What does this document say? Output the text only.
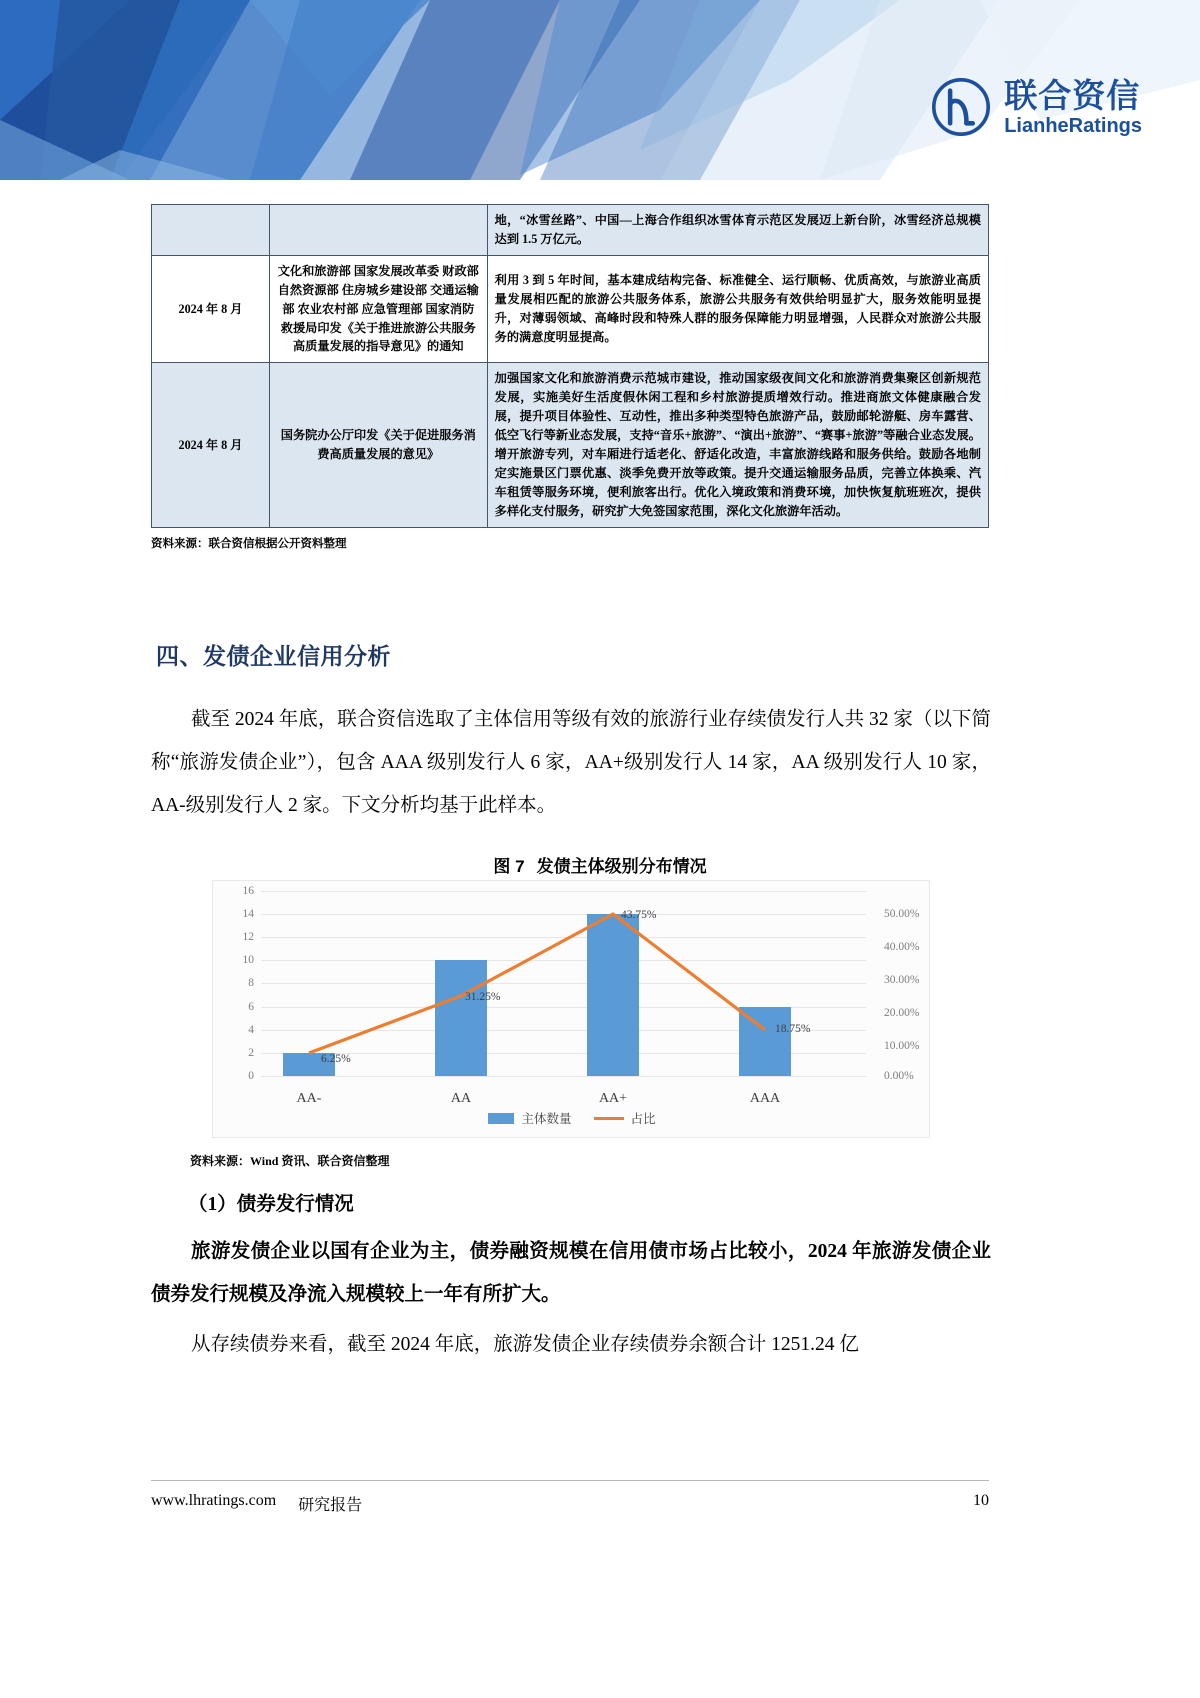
联合资信
LianheRatings
		地，“冰雪丝路”、中国—上海合作组织冰雪体育示范区发展迈上新台阶，冰雪经济总规模达到 1.5 万亿元。
2024 年 8 月	文化和旅游部 国家发展改革委 财政部 自然资源部 住房城乡建设部 交通运输部 农业农村部 应急管理部 国家消防救援局印发《关于推进旅游公共服务高质量发展的指导意见》的通知	利用 3 到 5 年时间，基本建成结构完备、标准健全、运行顺畅、优质高效，与旅游业高质量发展相匹配的旅游公共服务体系，旅游公共服务有效供给明显扩大，服务效能明显提升，对薄弱领域、高峰时段和特殊人群的服务保障能力明显增强，人民群众对旅游公共服务的满意度明显提高。
2024 年 8 月	国务院办公厅印发《关于促进服务消费高质量发展的意见》	加强国家文化和旅游消费示范城市建设，推动国家级夜间文化和旅游消费集聚区创新规范发展，实施美好生活度假休闲工程和乡村旅游提质增效行动。推进商旅文体健康融合发展，提升项目体验性、互动性，推出多种类型特色旅游产品，鼓励邮轮游艇、房车露营、低空飞行等新业态发展，支持“音乐+旅游”、“演出+旅游”、“赛事+旅游”等融合业态发展。增开旅游专列，对车厢进行适老化、舒适化改造，丰富旅游线路和服务供给。鼓励各地制定实施景区门票优惠、淡季免费开放等政策。提升交通运输服务品质，完善立体换乘、汽车租赁等服务环境，便利旅客出行。优化入境政策和消费环境，加快恢复航班班次，提供多样化支付服务，研究扩大免签国家范围，深化文化旅游年活动。
资料来源：联合资信根据公开资料整理
四、发债企业信用分析
截至 2024 年底，联合资信选取了主体信用等级有效的旅游行业存续债发行人共 32 家（以下简称“旅游发债企业”），包含 AAA 级别发行人 6 家，AA+级别发行人 14 家，AA 级别发行人 10 家，AA-级别发行人 2 家。下文分析均基于此样本。
图 7 发债主体级别分布情况
16
14
12
10
8
6
4
2
0
50.00%
40.00%
30.00%
20.00%
10.00%
0.00%
6.25%
31.25%
43.75%
18.75%
AA-	AA	AA+	AAA
主体数量	占比
资料来源：Wind 资讯、联合资信整理
（1）债券发行情况
旅游发债企业以国有企业为主，债券融资规模在信用债市场占比较小，2024 年旅游发债企业债券发行规模及净流入规模较上一年有所扩大。
从存续债券来看，截至 2024 年底，旅游发债企业存续债券余额合计 1251.24 亿
www.lhratings.com 研究报告	10
